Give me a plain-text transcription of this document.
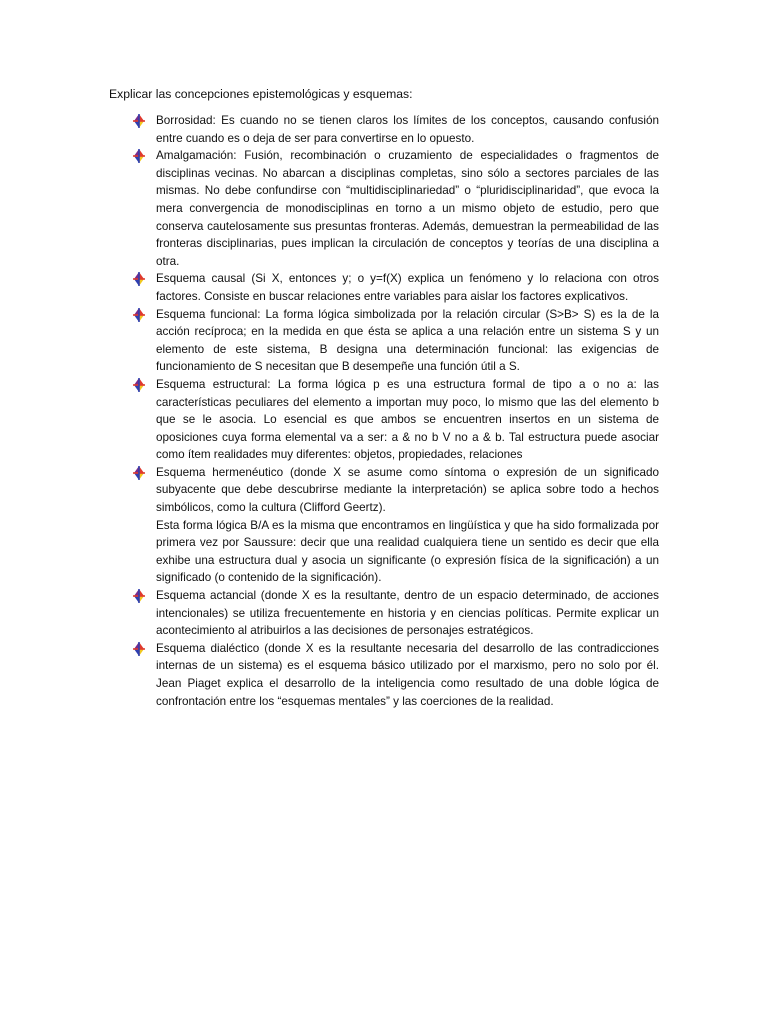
Explicar las concepciones epistemológicas y esquemas:

Borrosidad: Es cuando no se tienen claros los límites de los conceptos, causando confusión entre cuando es o deja de ser para convertirse en lo opuesto.

Amalgamación: Fusión, recombinación o cruzamiento de especialidades o fragmentos de disciplinas vecinas. No abarcan a disciplinas completas, sino sólo a sectores parciales de las mismas. No debe confundirse con “multidisciplinariedad” o “pluridisciplinaridad”, que evoca la mera convergencia de monodisciplinas en torno a un mismo objeto de estudio, pero que conserva cautelosamente sus presuntas fronteras. Además, demuestran la permeabilidad de las fronteras disciplinarias, pues implican la circulación de conceptos y teorías de una disciplina a otra.

Esquema causal (Si X, entonces y; o y=f(X) explica un fenómeno y lo relaciona con otros factores. Consiste en buscar relaciones entre variables para aislar los factores explicativos.

Esquema funcional: La forma lógica simbolizada por la relación circular (S>B> S) es la de la acción recíproca; en la medida en que ésta se aplica a una relación entre un sistema S y un elemento de este sistema, B designa una determinación funcional: las exigencias de funcionamiento de S necesitan que B desempeñe una función útil a S.

Esquema estructural: La forma lógica p es una estructura formal de tipo a o no a: las características peculiares del elemento a importan muy poco, lo mismo que las del elemento b que se le asocia. Lo esencial es que ambos se encuentren insertos en un sistema de oposiciones cuya forma elemental va a ser: a & no b V no a & b. Tal estructura puede asociar como ítem realidades muy diferentes: objetos, propiedades, relaciones

Esquema hermenéutico (donde X se asume como síntoma o expresión de un significado subyacente que debe descubrirse mediante la interpretación) se aplica sobre todo a hechos simbólicos, como la cultura (Clifford Geertz).

Esta forma lógica B/A es la misma que encontramos en lingüística y que ha sido formalizada por primera vez por Saussure: decir que una realidad cualquiera tiene un sentido es decir que ella exhibe una estructura dual y asocia un significante (o expresión física de la significación) a un significado (o contenido de la significación).

Esquema actancial (donde X es la resultante, dentro de un espacio determinado, de acciones intencionales) se utiliza frecuentemente en historia y en ciencias políticas. Permite explicar un acontecimiento al atribuirlos a las decisiones de personajes estratégicos.

Esquema dialéctico (donde X es la resultante necesaria del desarrollo de las contradicciones internas de un sistema) es el esquema básico utilizado por el marxismo, pero no solo por él. Jean Piaget explica el desarrollo de la inteligencia como resultado de una doble lógica de confrontación entre los “esquemas mentales” y las coerciones de la realidad.
